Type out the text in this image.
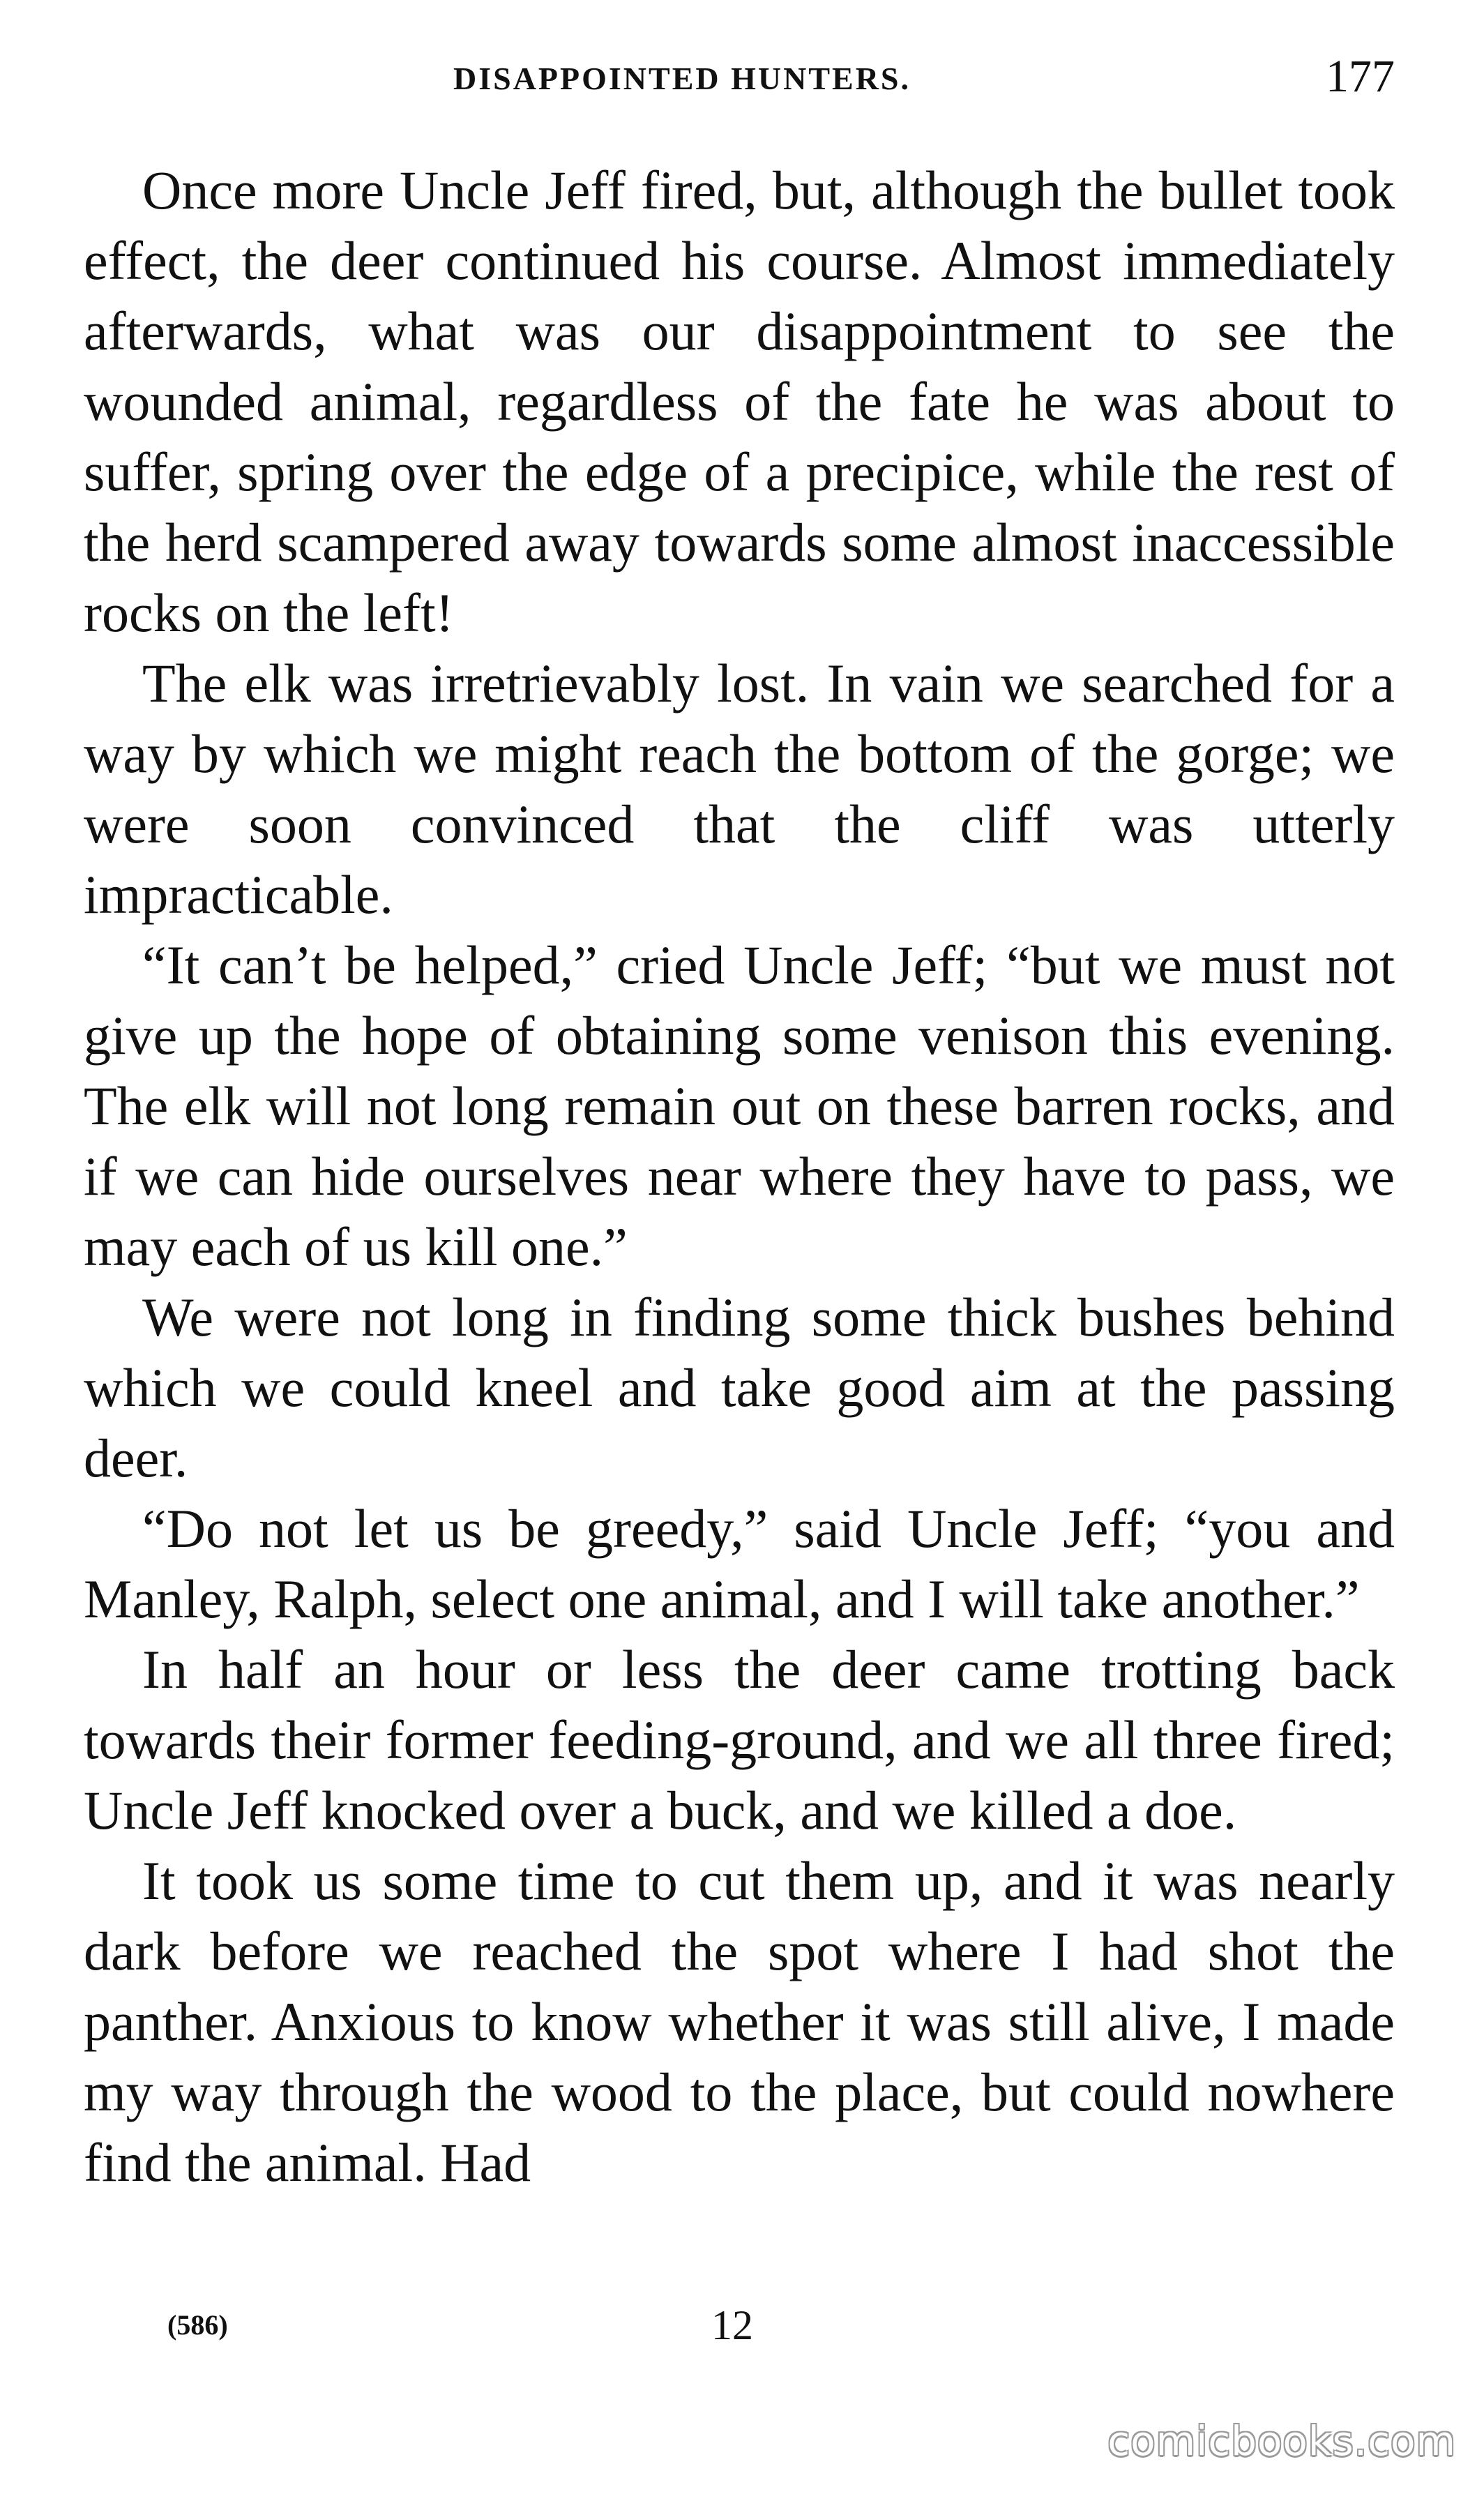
DISAPPOINTED HUNTERS.	177

Once more Uncle Jeff fired, but, although the bullet took effect, the deer continued his course. Almost immediately afterwards, what was our disappointment to see the wounded animal, regardless of the fate he was about to suffer, spring over the edge of a precipice, while the rest of the herd scampered away towards some almost inaccessible rocks on the left!

The elk was irretrievably lost. In vain we searched for a way by which we might reach the bottom of the gorge; we were soon convinced that the cliff was utterly impracticable.

“It can’t be helped,” cried Uncle Jeff; “but we must not give up the hope of obtaining some venison this evening. The elk will not long remain out on these barren rocks, and if we can hide ourselves near where they have to pass, we may each of us kill one.”

We were not long in finding some thick bushes behind which we could kneel and take good aim at the passing deer.

“Do not let us be greedy,” said Uncle Jeff; “you and Manley, Ralph, select one animal, and I will take another.”

In half an hour or less the deer came trotting back towards their former feeding-ground, and we all three fired; Uncle Jeff knocked over a buck, and we killed a doe.

It took us some time to cut them up, and it was nearly dark before we reached the spot where I had shot the panther. Anxious to know whether it was still alive, I made my way through the wood to the place, but could nowhere find the animal. Had

(586)	12
comicbooks.com
